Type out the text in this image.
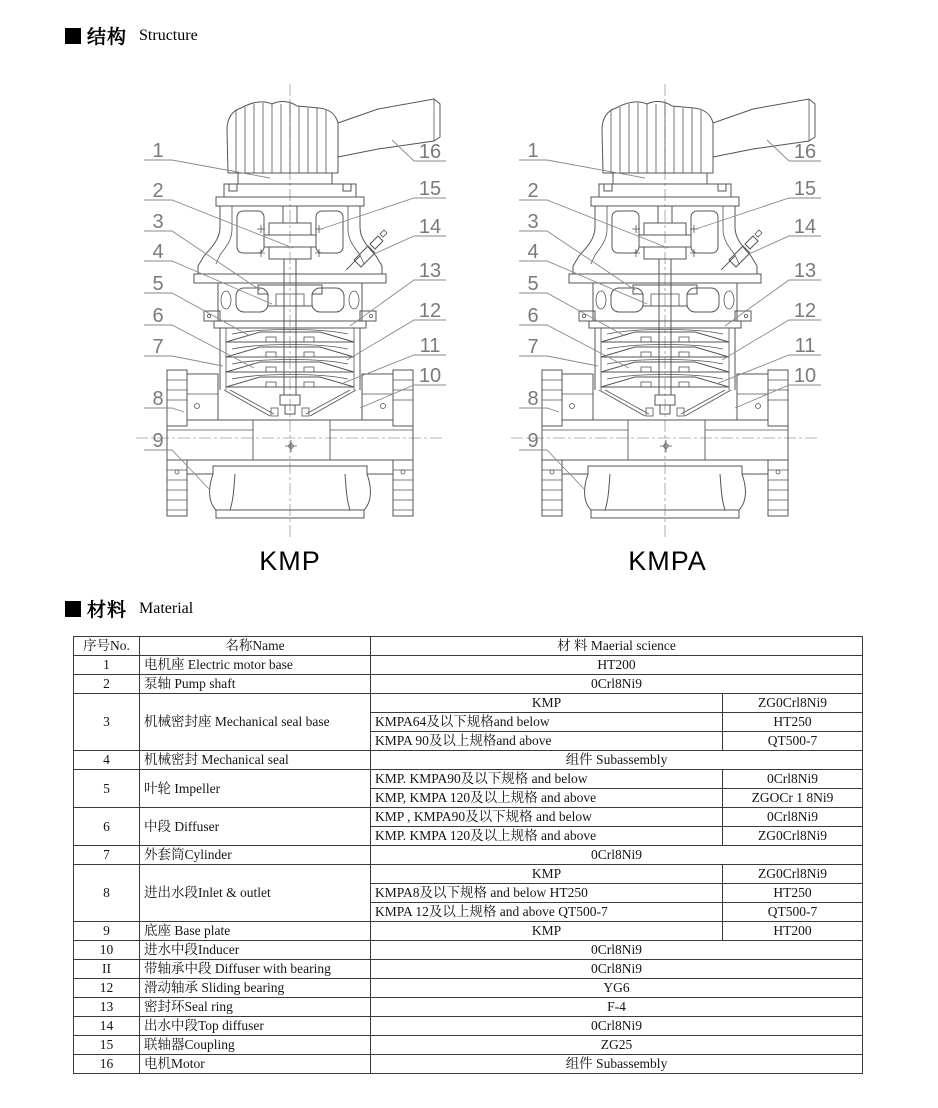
结构 Structure
KMP	KMPA
材料 Material
序号No.	名称Name	材 料 Maerial science	
1	电机座 Electric motor base	HT200	
2	泵轴 Pump shaft	0Crl8Ni9	
3	机械密封座 Mechanical seal base	KMP	ZG0Crl8Ni9
		KMPA64及以下规格and below	HT250
		KMPA 90及以上规格and above	QT500-7
4	机械密封 Mechanical seal	组件 Subassembly	
5	叶轮 Impeller	KMP. KMPA90及以下规格 and below	0Crl8Ni9
		KMP, KMPA 120及以上规格 and above	ZGOCr 1 8Ni9
6	中段 Diffuser	KMP , KMPA90及以下规格 and below	0Crl8Ni9
		KMP. KMPA 120及以上规格 and above	ZG0Crl8Ni9
7	外套筒Cylinder	0Crl8Ni9	
8	进出水段Inlet & outlet	KMP	ZG0Crl8Ni9
		KMPA8及以下规格 and below HT250	HT250
		KMPA 12及以上规格 and above QT500-7	QT500-7
9	底座 Base plate	KMP	HT200
10	进水中段Inducer	0Crl8Ni9	
II	带轴承中段 Diffuser with bearing	0Crl8Ni9	
12	滑动轴承 Sliding bearing	YG6	
13	密封环Seal ring	F-4	
14	出水中段Top diffuser	0Crl8Ni9	
15	联轴器Coupling	ZG25	
16	电机Motor	组件 Subassembly	
